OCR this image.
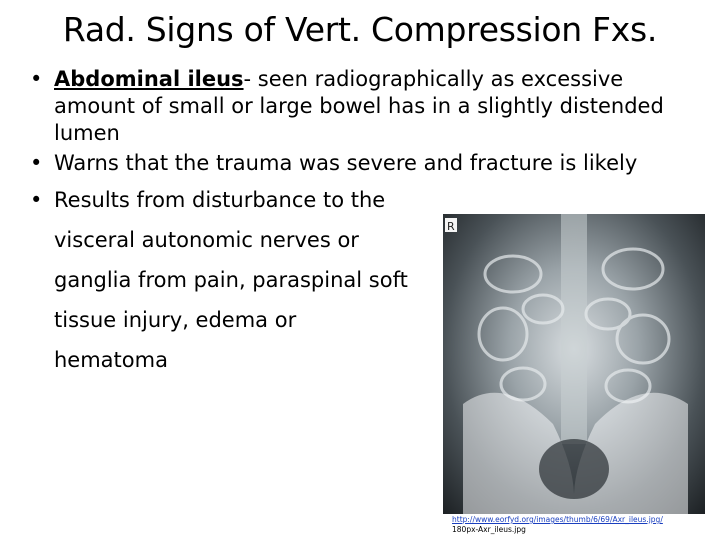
Rad. Signs of Vert. Compression Fxs.
• Abdominal ileus- seen radiographically as excessive amount of small or large bowel has in a slightly distended lumen
• Warns that the trauma was severe and fracture is likely
• Results from disturbance to the visceral autonomic nerves or ganglia from pain, paraspinal soft tissue injury, edema or hematoma
R
http://www.eorfyd.org/images/thumb/6/69/Axr_ileus.jpg/
180px-Axr_ileus.jpg
